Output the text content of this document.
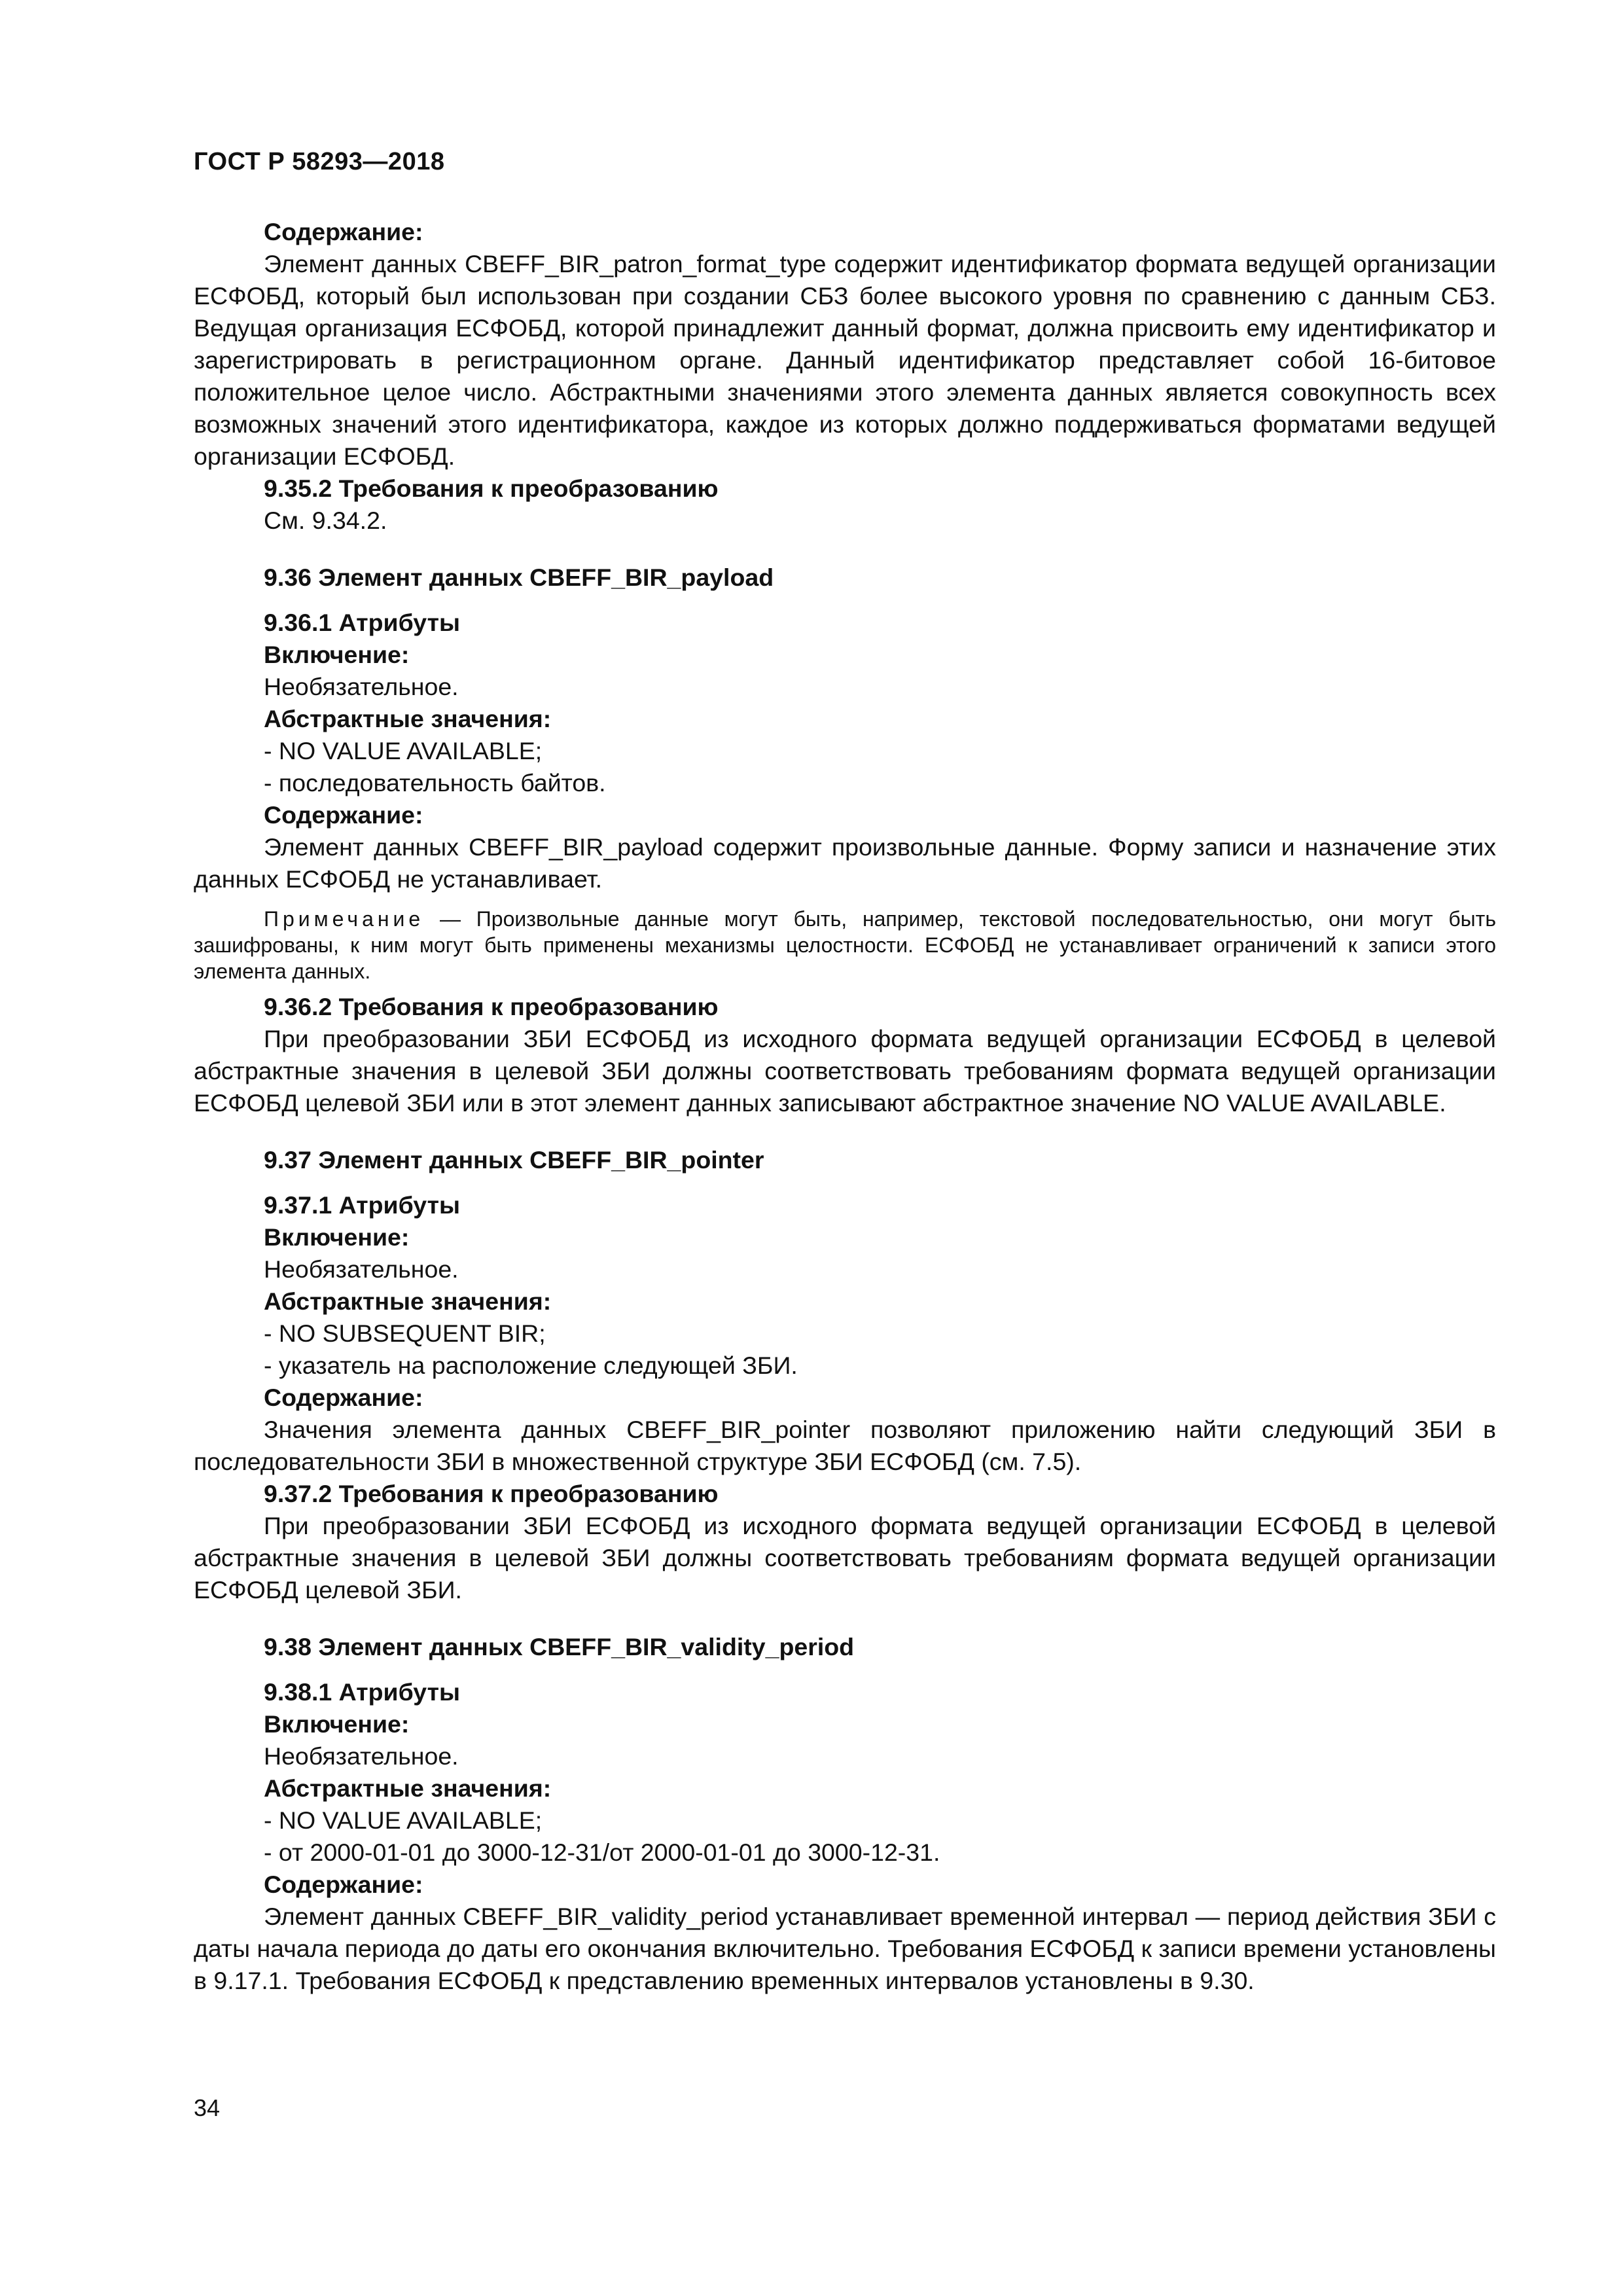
ГОСТ Р 58293—2018

Содержание:

Элемент данных CBEFF_BIR_patron_format_type содержит идентификатор формата ведущей организации ЕСФОБД, который был использован при создании СБЗ более высокого уровня по сравнению с данным СБЗ. Ведущая организация ЕСФОБД, которой принадлежит данный формат, должна присвоить ему идентификатор и зарегистрировать в регистрационном органе. Данный идентификатор представляет собой 16-битовое положительное целое число. Абстрактными значениями этого элемента данных является совокупность всех возможных значений этого идентификатора, каждое из которых должно поддерживаться форматами ведущей организации ЕСФОБД.

9.35.2 Требования к преобразованию

См. 9.34.2.

9.36 Элемент данных CBEFF_BIR_payload

9.36.1 Атрибуты

Включение:

Необязательное.

Абстрактные значения:

- NO VALUE AVAILABLE;

- последовательность байтов.

Содержание:

Элемент данных CBEFF_BIR_payload содержит произвольные данные. Форму записи и назначение этих данных ЕСФОБД не устанавливает.

Примечание — Произвольные данные могут быть, например, текстовой последовательностью, они могут быть зашифрованы, к ним могут быть применены механизмы целостности. ЕСФОБД не устанавливает ограничений к записи этого элемента данных.

9.36.2 Требования к преобразованию

При преобразовании ЗБИ ЕСФОБД из исходного формата ведущей организации ЕСФОБД в целевой абстрактные значения в целевой ЗБИ должны соответствовать требованиям формата ведущей организации ЕСФОБД целевой ЗБИ или в этот элемент данных записывают абстрактное значение NO VALUE AVAILABLE.

9.37 Элемент данных CBEFF_BIR_pointer

9.37.1 Атрибуты

Включение:

Необязательное.

Абстрактные значения:

- NO SUBSEQUENT BIR;

- указатель на расположение следующей ЗБИ.

Содержание:

Значения элемента данных CBEFF_BIR_pointer позволяют приложению найти следующий ЗБИ в последовательности ЗБИ в множественной структуре ЗБИ ЕСФОБД (см. 7.5).

9.37.2 Требования к преобразованию

При преобразовании ЗБИ ЕСФОБД из исходного формата ведущей организации ЕСФОБД в целевой абстрактные значения в целевой ЗБИ должны соответствовать требованиям формата ведущей организации ЕСФОБД целевой ЗБИ.

9.38 Элемент данных CBEFF_BIR_validity_period

9.38.1 Атрибуты

Включение:

Необязательное.

Абстрактные значения:

- NO VALUE AVAILABLE;

- от 2000-01-01 до 3000-12-31/от 2000-01-01 до 3000-12-31.

Содержание:

Элемент данных CBEFF_BIR_validity_period устанавливает временной интервал — период действия ЗБИ с даты начала периода до даты его окончания включительно. Требования ЕСФОБД к записи времени установлены в 9.17.1. Требования ЕСФОБД к представлению временных интервалов установлены в 9.30.

34
